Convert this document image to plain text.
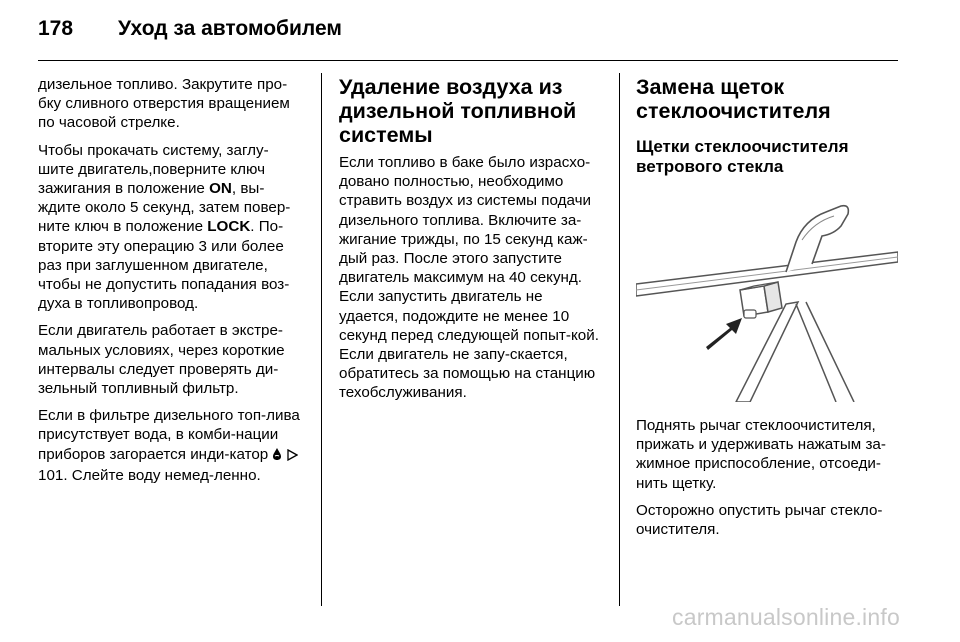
178 Уход за автомобилем

дизельное топливо. Закрутите про-бку сливного отверстия вращением по часовой стрелке.

Чтобы прокачать систему, заглу-шите двигатель,поверните ключ зажигания в положение ON, вы-ждите около 5 секунд, затем повер-ните ключ в положение LOCK. По-вторите эту операцию 3 или более раз при заглушенном двигателе, чтобы не допустить попадания воз-духа в топливопровод.

Если двигатель работает в экстре-мальных условиях, через короткие интервалы следует проверять ди-зельный топливный фильтр.

Если в фильтре дизельного топ-лива присутствует вода, в комби-нации приборов загорается инди-катор   101. Слейте воду немед-ленно.

Удаление воздуха из дизельной топливной системы

Если топливо в баке было израсхо-довано полностью, необходимо стравить воздух из системы подачи дизельного топлива. Включите за-жигание трижды, по 15 секунд каж-дый раз. После этого запустите двигатель максимум на 40 секунд. Если запустить двигатель не удается, подождите не менее 10 секунд перед следующей попыт-кой. Если двигатель не запу-скается, обратитесь за помощью на станцию техобслуживания.

Замена щеток стеклоочистителя
Щетки стеклоочистителя ветрового стекла

Поднять рычаг стеклоочистителя, прижать и удерживать нажатым за-жимное приспособление, отсоеди-нить щетку.

Осторожно опустить рычаг стекло-очистителя.

carmanualsonline.info
